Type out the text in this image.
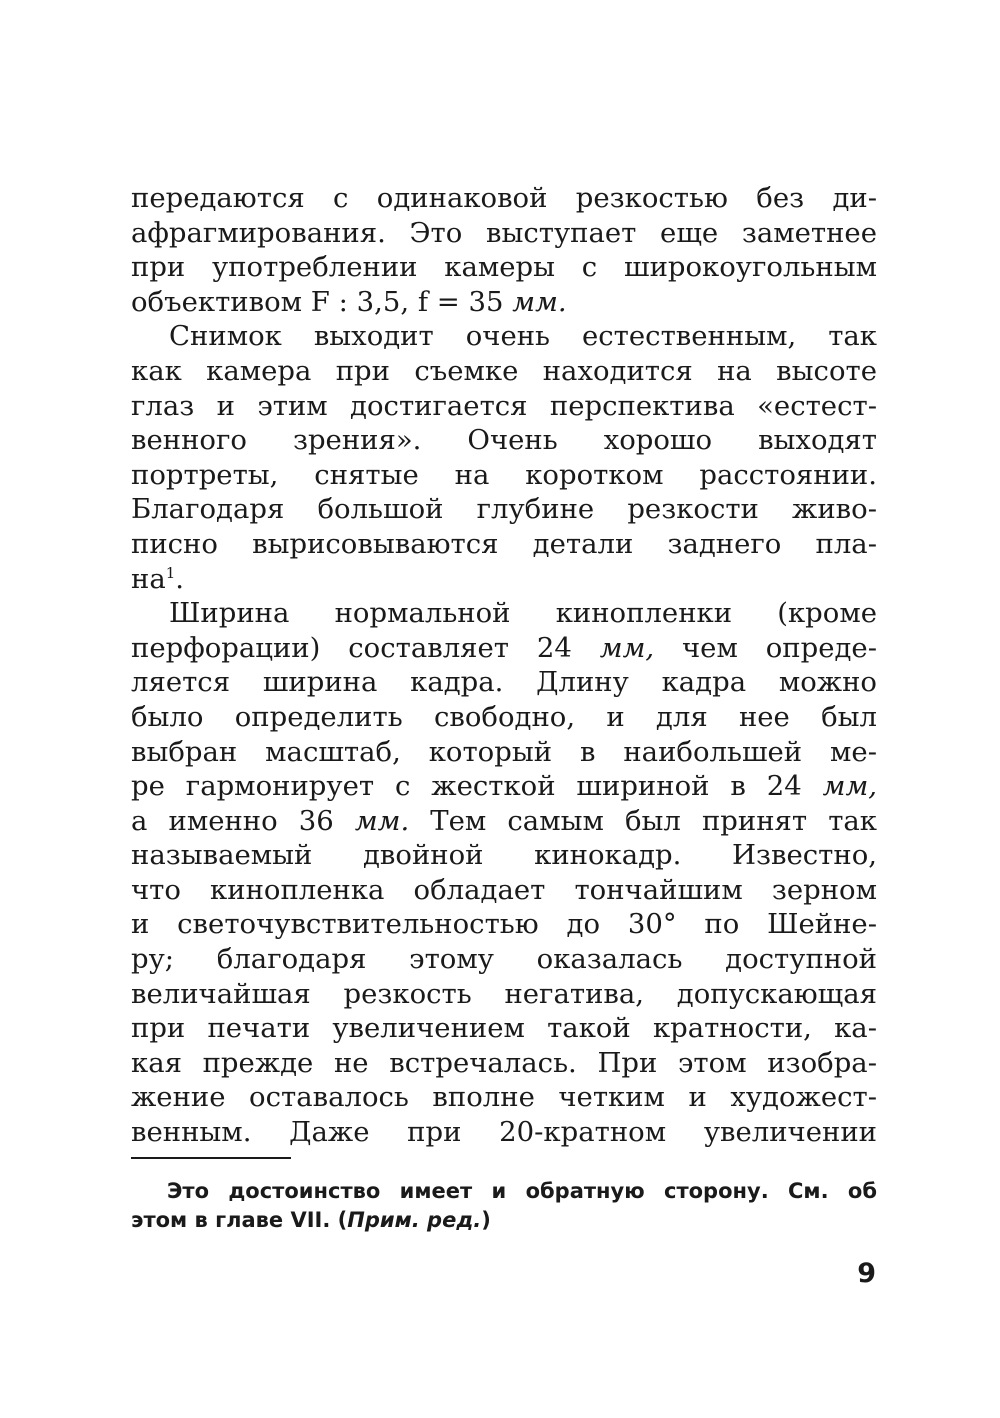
передаются с одинаковой резкостью без ди-
афрагмирования. Это выступает еще заметнее
при употреблении камеры с широкоугольным
объективом F : 3,5, f = 35 мм.
Снимок выходит очень естественным, так
как камера при съемке находится на высоте
глаз и этим достигается перспектива «естест-
венного зрения». Очень хорошо выходят
портреты, снятые на коротком расстоянии.
Благодаря большой глубине резкости живо-
писно вырисовываются детали заднего пла-
на$^1$.
Ширина нормальной кинопленки (кроме
перфорации) составляет 24 мм, чем опреде-
ляется ширина кадра. Длину кадра можно
было определить свободно, и для нее был
выбран масштаб, который в наибольшей ме-
ре гармонирует с жесткой шириной в 24 мм,
а именно 36 мм. Тем самым был принят так
называемый двойной кинокадр. Известно,
что кинопленка обладает тончайшим зерном
и светочувствительностью до 30° по Шейне-
ру; благодаря этому оказалась доступной
величайшая резкость негатива, допускающая
при печати увеличением такой кратности, ка-
кая прежде не встречалась. При этом изобра-
жение оставалось вполне четким и художест-
венным. Даже при 20-кратном увеличении
Это достоинство имеет и обратную сторону. См. об
этом в главе VII. (Прим. ред.)
9
